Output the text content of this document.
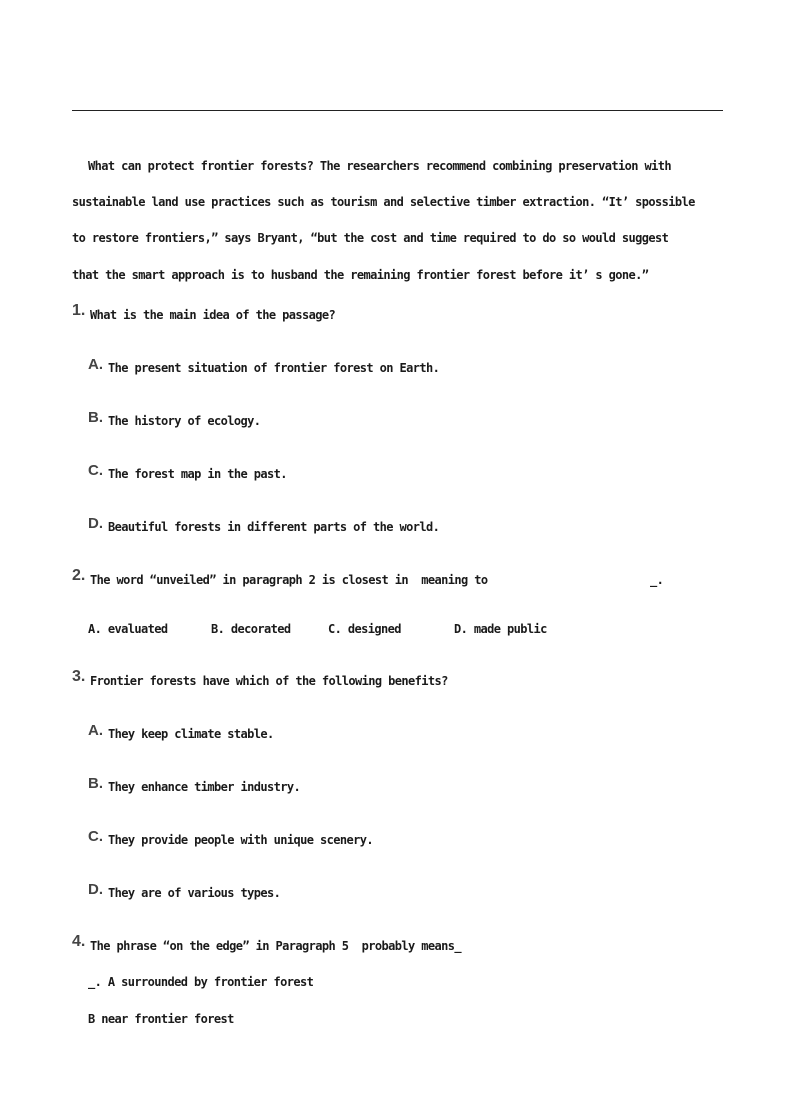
What can protect frontier forests? The researchers recommend combining preservation with
sustainable land use practices such as tourism and selective timber extraction. “It’ spossible
to restore frontiers,” says Bryant, “but the cost and time required to do so would suggest
that the smart approach is to husband the remaining frontier forest before it’ s gone.”
1. What is the main idea of the passage?
A. The present situation of frontier forest on Earth.
B. The history of ecology.
C. The forest map in the past.
D. Beautiful forests in different parts of the world.
2. The word “unveiled” in paragraph 2 is closest in  meaning to	_.
A. evaluated	B. decorated	C. designed	D. made public
3. Frontier forests have which of the following benefits?
A. They keep climate stable.
B. They enhance timber industry.
C. They provide people with unique scenery.
D. They are of various types.
4. The phrase “on the edge” in Paragraph 5  probably means_
_. A surrounded by frontier forest
B near frontier forest
